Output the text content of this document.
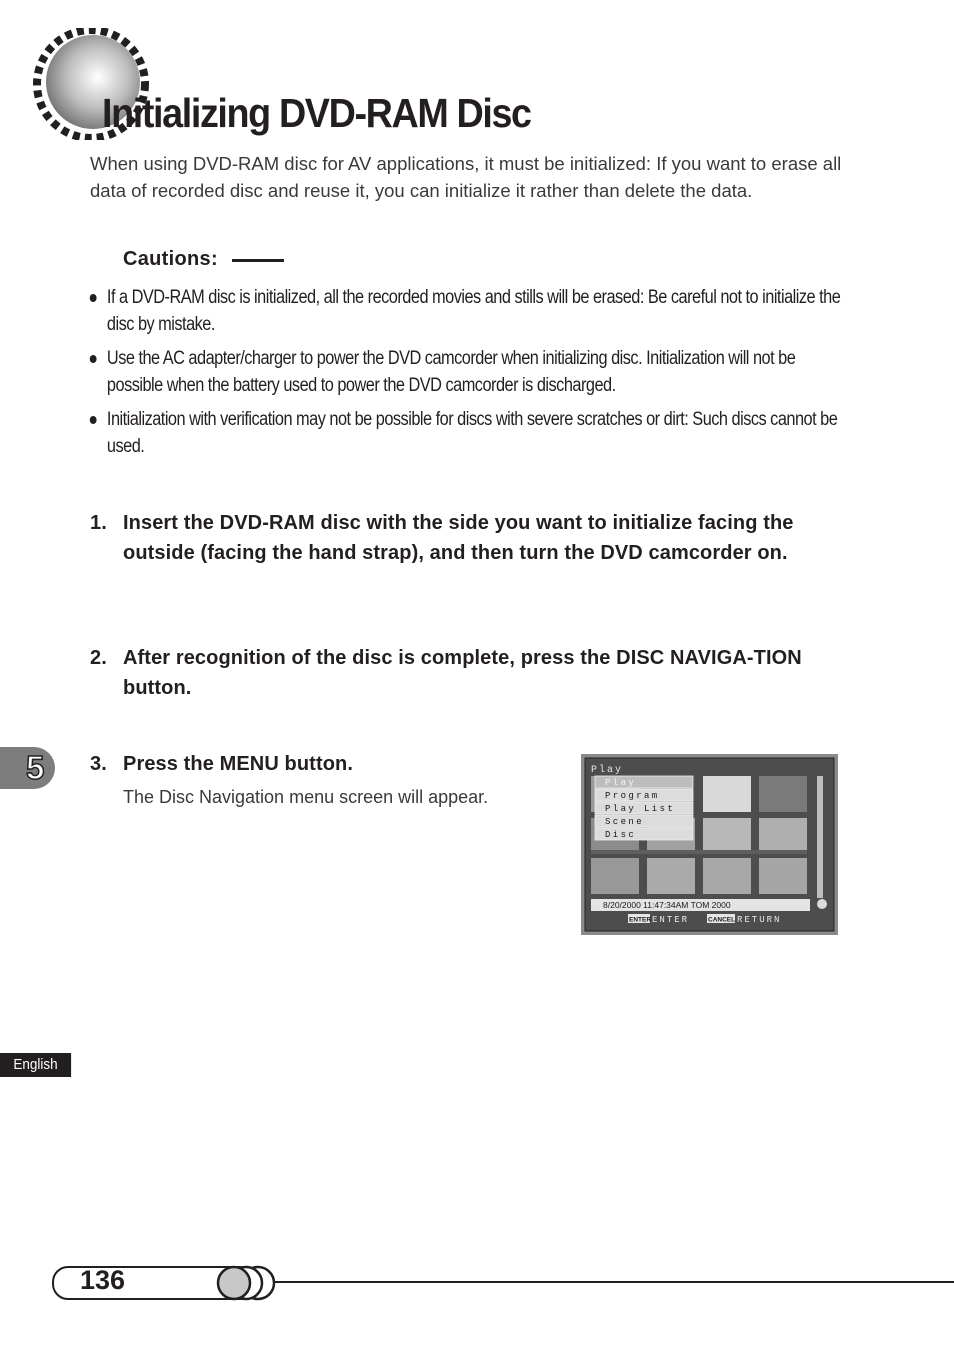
Initializing DVD-RAM Disc

When using DVD-RAM disc for AV applications, it must be initialized: If you want to erase all data of recorded disc and reuse it, you can initialize it rather than delete the data.

Cautions:
If a DVD-RAM disc is initialized, all the recorded movies and stills will be erased: Be careful not to initialize the disc by mistake.
Use the AC adapter/charger to power the DVD camcorder when initializing disc. Initialization will not be possible when the battery used to power the DVD camcorder is discharged.
Initialization with verification may not be possible for discs with severe scratches or dirt: Such discs cannot be used.
1. Insert the DVD-RAM disc with the side you want to initialize facing the outside (facing the hand strap), and then turn the DVD camcorder on.
2. After recognition of the disc is complete, press the DISC NAVIGA-TION button.
3. Press the MENU button.
The Disc Navigation menu screen will appear.
5	Play
Play
Program
Play List
Scene
Disc
8/20/2000 11:47:34AM TOM 2000
ENTER ENTER	CANCEL RETURN
English
136
